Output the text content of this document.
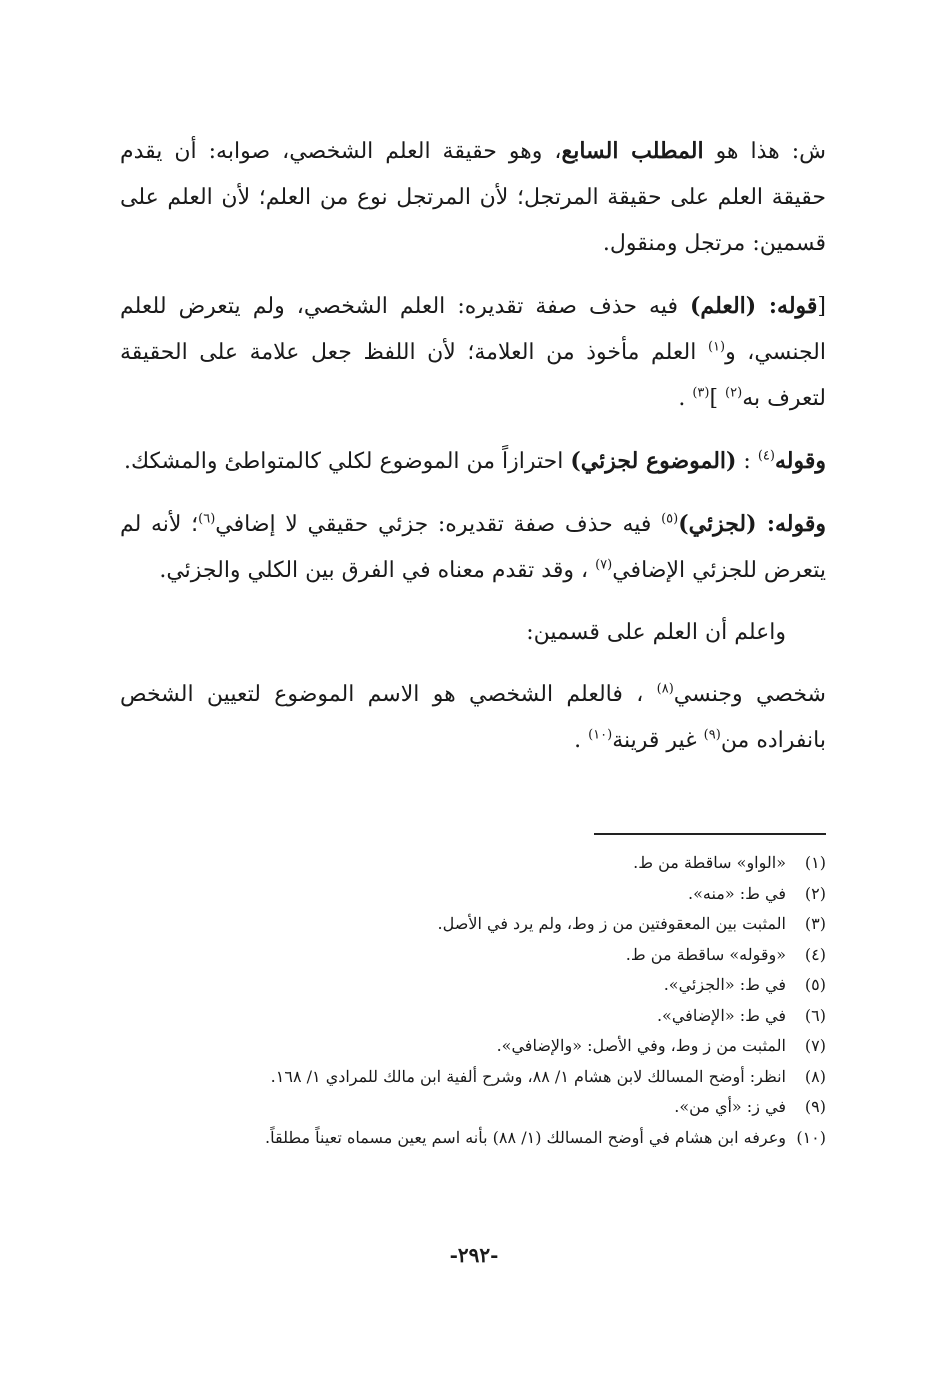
ش: هذا هو المطلب السابع، وهو حقيقة العلم الشخصي، صوابه: أن يقدم حقيقة العلم على حقيقة المرتجل؛ لأن المرتجل نوع من العلم؛ لأن العلم على قسمين: مرتجل ومنقول.

[قوله: (العلم) فيه حذف صفة تقديره: العلم الشخصي، ولم يتعرض للعلم الجنسي، و$^{(١)}$ العلم مأخوذ من العلامة؛ لأن اللفظ جعل علامة على الحقيقة لتعرف به$^{(٢)}$ ]$^{(٣)}$ .

وقوله$^{(٤)}$ : (الموضوع لجزئي) احترازاً من الموضوع لكلي كالمتواطئ والمشكك.

وقوله: (لجزئي)$^{(٥)}$ فيه حذف صفة تقديره: جزئي حقيقي لا إضافي$^{(٦)}$؛ لأنه لم يتعرض للجزئي الإضافي$^{(٧)}$ ، وقد تقدم معناه في الفرق بين الكلي والجزئي.

واعلم أن العلم على قسمين:

شخصي وجنسي$^{(٨)}$ ، فالعلم الشخصي هو الاسم الموضوع لتعيين الشخص بانفراده من$^{(٩)}$ غير قرينة$^{(١٠)}$ .

(١)
«الواو» ساقطة من ط.
(٢)
في ط: «منه».
(٣)
المثبت بين المعقوفتين من ز وط، ولم يرد في الأصل.
(٤)
«وقوله» ساقطة من ط.
(٥)
في ط: «الجزئي».
(٦)
في ط: «الإضافي».
(٧)
المثبت من ز وط، وفي الأصل: «والإضافي».
(٨)
انظر: أوضح المسالك لابن هشام ١/ ٨٨، وشرح ألفية ابن مالك للمرادي ١/ ١٦٨.
(٩)
في ز: «أي من».
(١٠)
وعرفه ابن هشام في أوضح المسالك (١/ ٨٨) بأنه اسم يعين مسماه تعيناً مطلقاً.
-٢٩٢-
